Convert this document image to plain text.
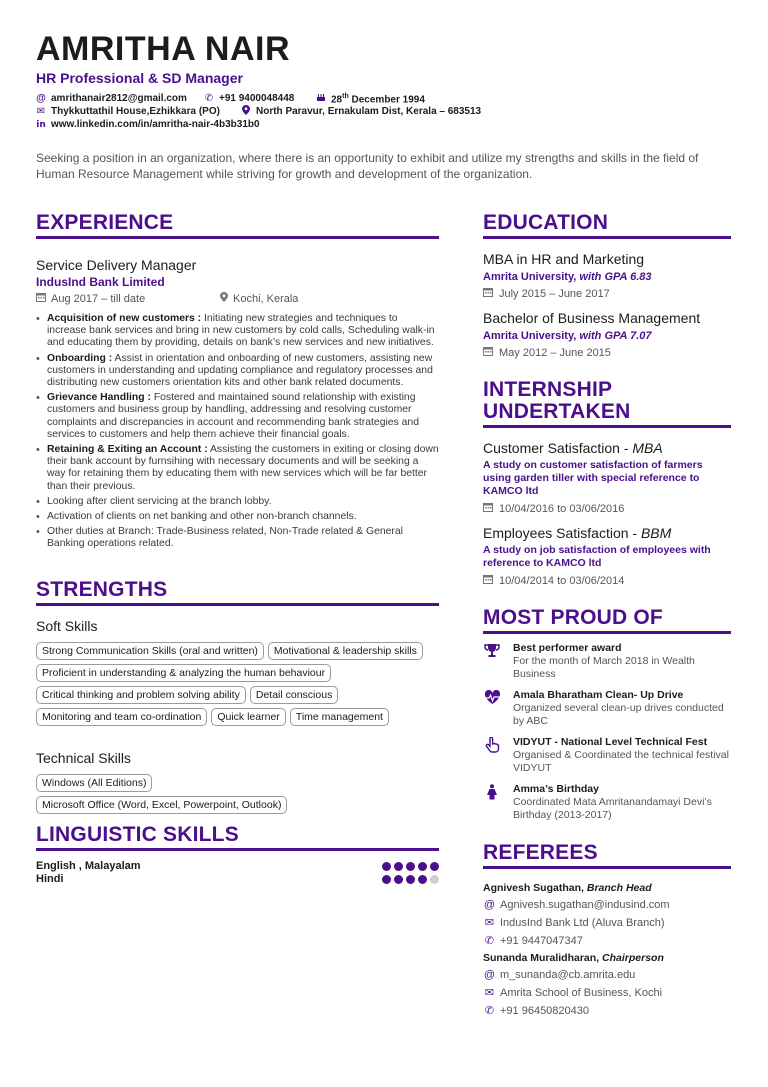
AMRITHA NAIR
HR Professional & SD Manager
@ amrithanair2812@gmail.com ✆ +91 9400048448	28th December 1994
✉ Thykkuttathil House,Ezhikkara (PO)	North Paravur, Ernakulam Dist, Kerala – 683513
in www.linkedin.com/in/amritha-nair-4b3b31b0
Seeking a position in an organization, where there is an opportunity to exhibit and utilize my strengths and skills in the field of Human Resource Management while striving for growth and development of the organization.
EXPERIENCE
Service Delivery Manager
IndusInd Bank Limited
Aug 2017 – till date	Kochi, Kerala
• Acquisition of new customers : Initiating new strategies and techniques to increase bank services and bring in new customers by cold calls, Scheduling walk-in and educating them by providing, details on bank’s new services and new initiatives.
• Onboarding : Assist in orientation and onboarding of new customers, assisting new customers in understanding and updating compliance and regulatory processes and distributing new customers orientation kits and other bank related documents.
• Grievance Handling : Fostered and maintained sound relationship with existing customers and business group by handling, addressing and resolving customer complaints and discrepancies in account and recommending bank strategies and services to customers and help them achieve their financial goals.
• Retaining & Exiting an Account : Assisting the customers in exiting or closing down their bank account by furnsihing with necessary documents and will be seeking a way for retaining them by educating them with new services which will be far better than their previous.
• Looking after client servicing at the branch lobby.
• Activation of clients on net banking and other non-branch channels.
• Other duties at Branch: Trade-Business related, Non-Trade related & General Banking operations related.
STRENGTHS
Soft Skills
Strong Communication Skills (oral and written)	Motivational & leadership skills
Proficient in understanding & analyzing the human behaviour
Critical thinking and problem solving ability	Detail conscious
Monitoring and team co-ordination	Quick learner	Time management
Technical Skills
Windows (All Editions)
Microsoft Office (Word, Excel, Powerpoint, Outlook)
LINGUISTIC SKILLS
English , Malayalam
Hindi
EDUCATION
MBA in HR and Marketing
Amrita University, with GPA 6.83
July 2015 – June 2017
Bachelor of Business Management
Amrita University, with GPA 7.07
May 2012 – June 2015
INTERNSHIP
UNDERTAKEN
Customer Satisfaction - MBA
A study on customer satisfaction of farmers using garden tiller with special reference to KAMCO ltd
10/04/2016 to 03/06/2016
Employees Satisfaction - BBM
A study on job satisfaction of employees with reference to KAMCO ltd
10/04/2014 to 03/06/2014
MOST PROUD OF
Best performer award
For the month of March 2018 in Wealth Business
Amala Bharatham Clean- Up Drive
Organized several clean-up drives conducted by ABC
VIDYUT - National Level Technical Fest
Organised & Coordinated the technical festival VIDYUT
Amma’s Birthday
Coordinated Mata Amritanandamayi Devi’s Birthday (2013-2017)
REFEREES
Agnivesh Sugathan, Branch Head
@ Agnivesh.sugathan@indusind.com
✉ IndusInd Bank Ltd (Aluva Branch)
✆ +91 9447047347
Sunanda Muralidharan, Chairperson
@ m_sunanda@cb.amrita.edu
✉ Amrita School of Business, Kochi
✆ +91 96450820430
